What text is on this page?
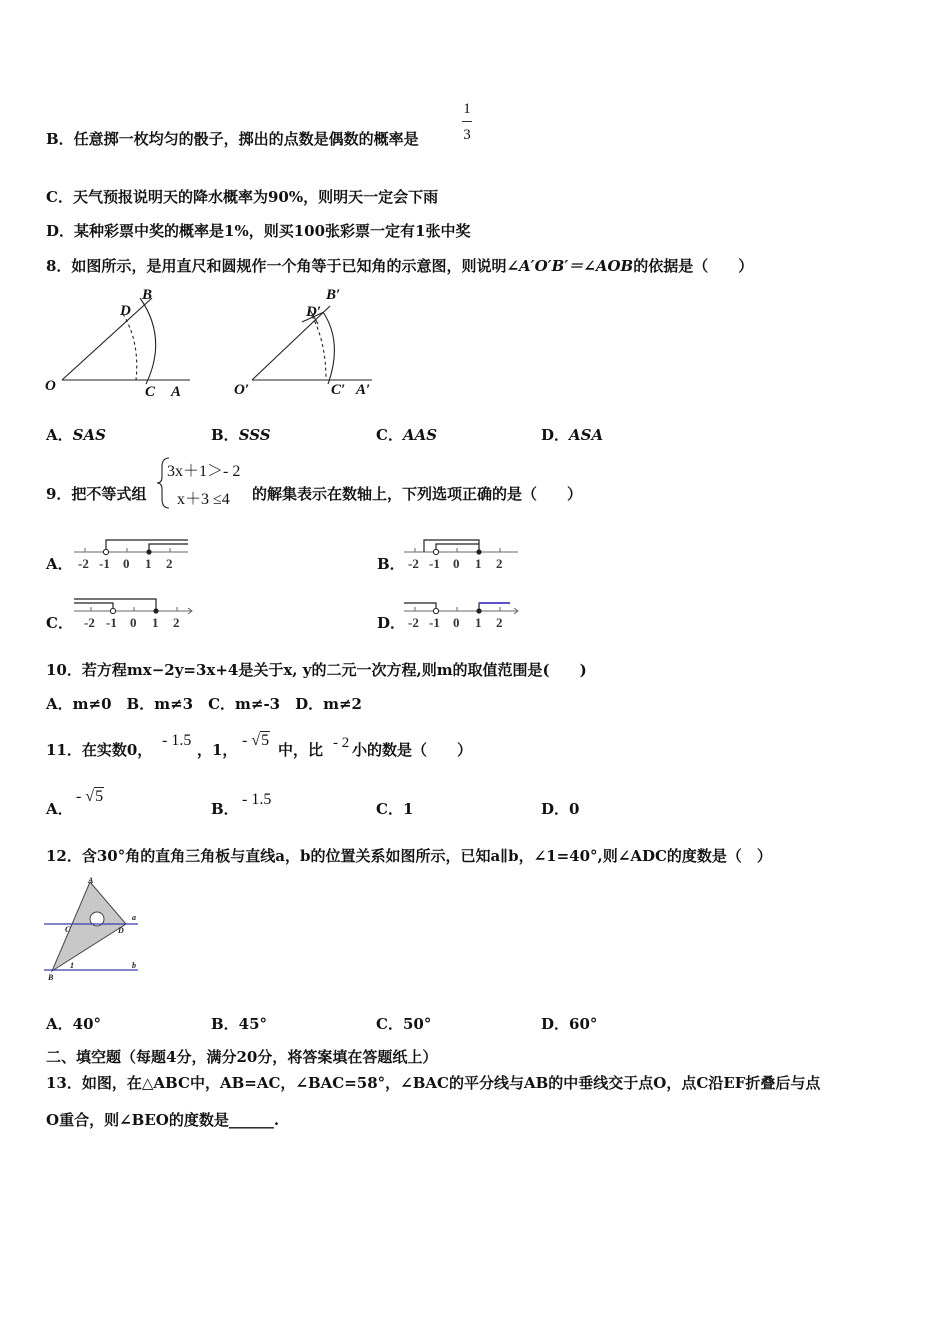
B．任意掷一枚均匀的骰子，掷出的点数是偶数的概率是
1
3
C．天气预报说明天的降水概率为90%，则明天一定会下雨
D．某种彩票中奖的概率是1%，则买100张彩票一定有1张中奖
8．如图所示，是用直尺和圆规作一个角等于已知角的示意图，则说明∠A′O′B′＝∠AOB的依据是（　　）
O	A
B
C
D
O′	A′
B′
C′
D′
A．SAS	B．SSS	C．AAS	D．ASA
9．把不等式组
3x＋1＞- 2
x＋3 ≤4 的解集表示在数轴上，下列选项正确的是（　　）
A．	B．
C．	D．
-2 -1 0 1 2	-2 -1 0 1 2
-2 -1 0 1 2	-2 -1 0 1 2
10．若方程mx−2y=3x+4是关于x, y的二元一次方程,则m的取值范围是(　　)
A．m≠0　B．m≠3　C．m≠-3　D．m≠2
11．在实数0，
- 1.5
，1，
- √5
中，比 - 2 小的数是（　　）
A．
- √5
B．
- 1.5
C．1	D．0
12．含30°角的直角三角板与直线a，b的位置关系如图所示，已知a∥b，∠1=40°,则∠ADC的度数是（　）
A
B
C	D
a
b
1
A．40°	B．45°	C．50°	D．60°
二、填空题（每题4分，满分20分，将答案填在答题纸上）
13．如图，在△ABC中，AB=AC，∠BAC=58°，∠BAC的平分线与AB的中垂线交于点O，点C沿EF折叠后与点
O重合，则∠BEO的度数是______.
